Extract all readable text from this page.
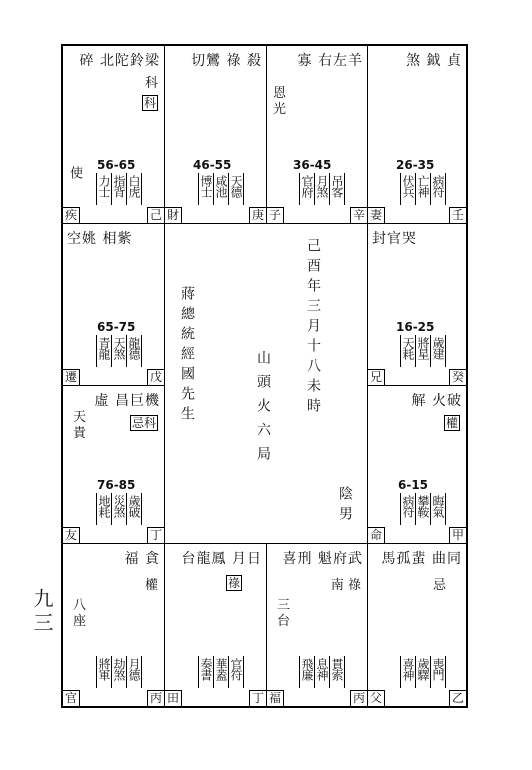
碎 北陀鈴梁
科
科
56-65
使
白虎
指背
力士
疾	己
切鸞 祿 殺
46-55
天德
咸池
博士
財	庚
寡 右左羊
恩光
36-45
吊客
月煞
官府
子	辛
煞 鉞 貞
26-35
病符
亡神
伏兵
妻	壬
空姚 相紫
65-75
龍德
天煞
青龍
遷	戊
封官哭
16-25
歲建
將星
天耗
兄	癸
虛 昌巨機
忌科
天貴
76-85
歲破
災煞
地耗
友	丁
解 火破
權
6-15
晦氣
攀鞍
病符
命	甲
福 貪
權
八座
月德
劫煞
將軍
官	丙
台龍鳳 月日
祿
官符
華蓋
奏書
田	丁
喜刑 魁府武
南 祿
三台
貫索
息神
飛廉
福	丙
馬孤蜚 曲同
忌
喪門
歲驛
喜神
父	乙
蔣總統經國先生	己酉年三月十八未時
山頭火六局
陰男
九三
